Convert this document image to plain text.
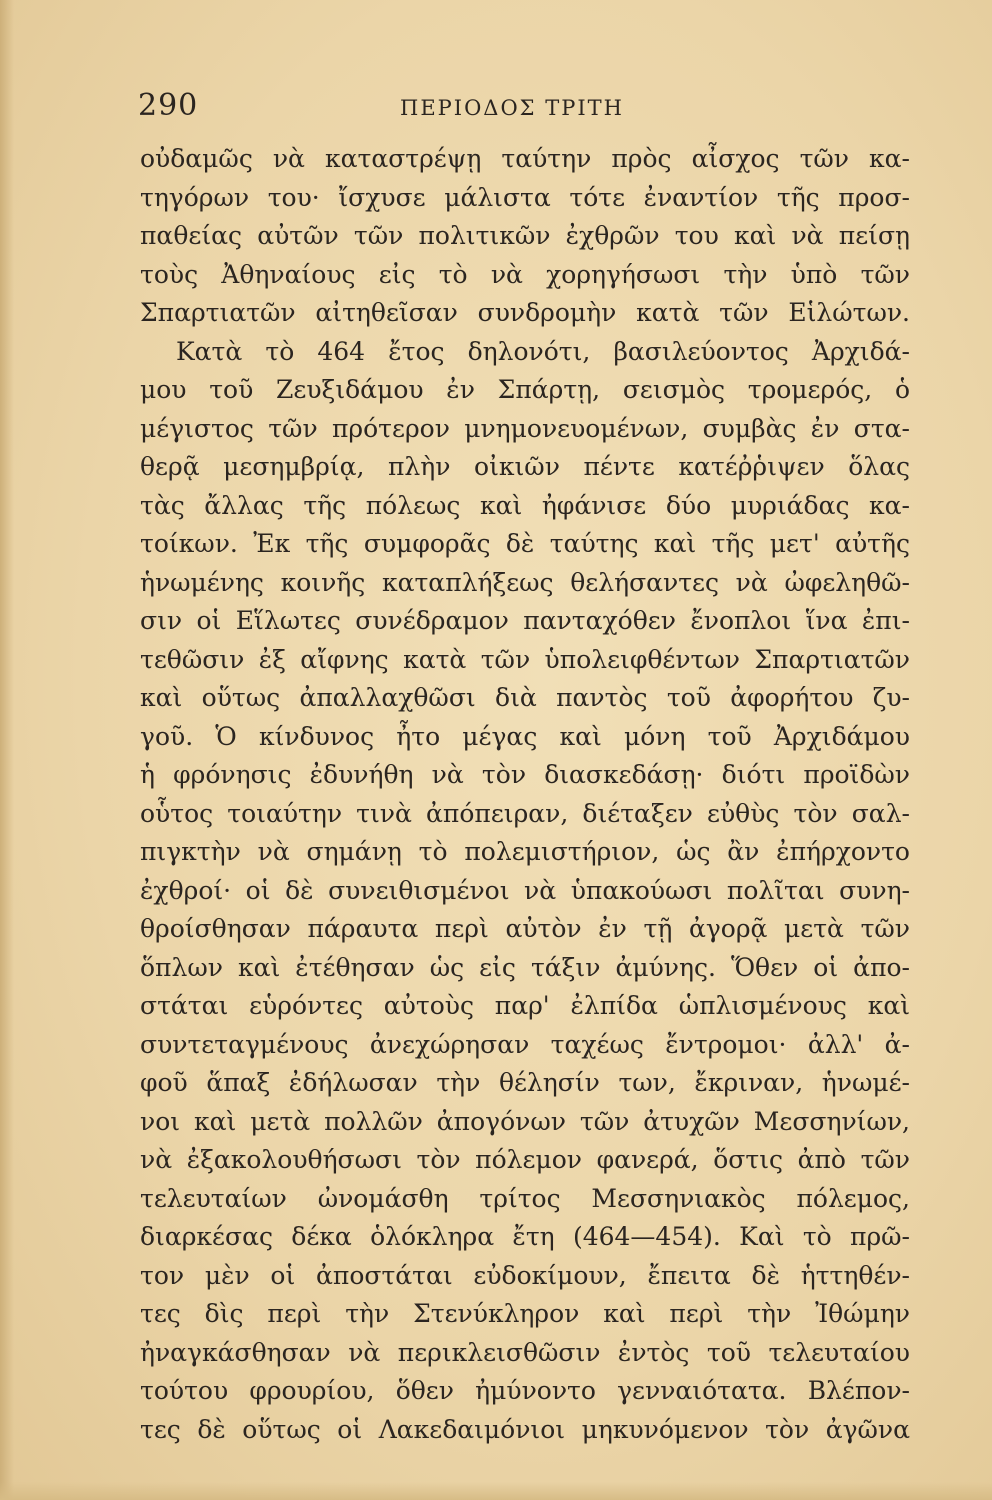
290	ΠΕΡΙΟΔΟΣ ΤΡΙΤΗ
οὐδαμῶς νὰ καταστρέψῃ ταύτην πρὸς αἶσχος τῶν κα-
τηγόρων του· ἴσχυσε μάλιστα τότε ἐναντίον τῆς προσ-
παθείας αὐτῶν τῶν πολιτικῶν ἐχθρῶν του καὶ νὰ πείσῃ
τοὺς Ἀθηναίους εἰς τὸ νὰ χορηγήσωσι τὴν ὑπὸ τῶν
Σπαρτιατῶν αἰτηθεῖσαν συνδρομὴν κατὰ τῶν Εἱλώτων.
Κατὰ τὸ 464 ἔτος δηλονότι, βασιλεύοντος Ἀρχιδά-
μου τοῦ Ζευξιδάμου ἐν Σπάρτῃ, σεισμὸς τρομερός, ὁ
μέγιστος τῶν πρότερον μνημονευομένων, συμβὰς ἐν στα-
θερᾷ μεσημβρίᾳ, πλὴν οἰκιῶν πέντε κατέῤῥιψεν ὅλας
τὰς ἄλλας τῆς πόλεως καὶ ἠφάνισε δύο μυριάδας κα-
τοίκων. Ἐκ τῆς συμφορᾶς δὲ ταύτης καὶ τῆς μετ' αὐτῆς
ἡνωμένης κοινῆς καταπλήξεως θελήσαντες νὰ ὠφεληθῶ-
σιν οἱ Εἵλωτες συνέδραμον πανταχόθεν ἔνοπλοι ἵνα ἐπι-
τεθῶσιν ἐξ αἴφνης κατὰ τῶν ὑπολειφθέντων Σπαρτιατῶν
καὶ οὕτως ἀπαλλαχθῶσι διὰ παντὸς τοῦ ἀφορήτου ζυ-
γοῦ. Ὁ κίνδυνος ἦτο μέγας καὶ μόνη τοῦ Ἀρχιδάμου
ἡ φρόνησις ἐδυνήθη νὰ τὸν διασκεδάσῃ· διότι προϊδὼν
οὗτος τοιαύτην τινὰ ἀπόπειραν, διέταξεν εὐθὺς τὸν σαλ-
πιγκτὴν νὰ σημάνῃ τὸ πολεμιστήριον, ὡς ἂν ἐπήρχοντο
ἐχθροί· οἱ δὲ συνειθισμένοι νὰ ὑπακούωσι πολῖται συνη-
θροίσθησαν πάραυτα περὶ αὐτὸν ἐν τῇ ἀγορᾷ μετὰ τῶν
ὅπλων καὶ ἐτέθησαν ὡς εἰς τάξιν ἀμύνης. Ὅθεν οἱ ἀπο-
στάται εὑρόντες αὐτοὺς παρ' ἐλπίδα ὡπλισμένους καὶ
συντεταγμένους ἀνεχώρησαν ταχέως ἔντρομοι· ἀλλ' ἀ-
φοῦ ἅπαξ ἐδήλωσαν τὴν θέλησίν των, ἔκριναν, ἡνωμέ-
νοι καὶ μετὰ πολλῶν ἀπογόνων τῶν ἀτυχῶν Μεσσηνίων,
νὰ ἐξακολουθήσωσι τὸν πόλεμον φανερά, ὅστις ἀπὸ τῶν
τελευταίων ὠνομάσθη τρίτος Μεσσηνιακὸς πόλεμος,
διαρκέσας δέκα ὁλόκληρα ἔτη (464—454). Καὶ τὸ πρῶ-
τον μὲν οἱ ἀποστάται εὐδοκίμουν, ἔπειτα δὲ ἡττηθέν-
τες δὶς περὶ τὴν Στενύκληρον καὶ περὶ τὴν Ἰθώμην
ἠναγκάσθησαν νὰ περικλεισθῶσιν ἐντὸς τοῦ τελευταίου
τούτου φρουρίου, ὅθεν ἠμύνοντο γενναιότατα. Βλέπον-
τες δὲ οὕτως οἱ Λακεδαιμόνιοι μηκυνόμενον τὸν ἀγῶνα
